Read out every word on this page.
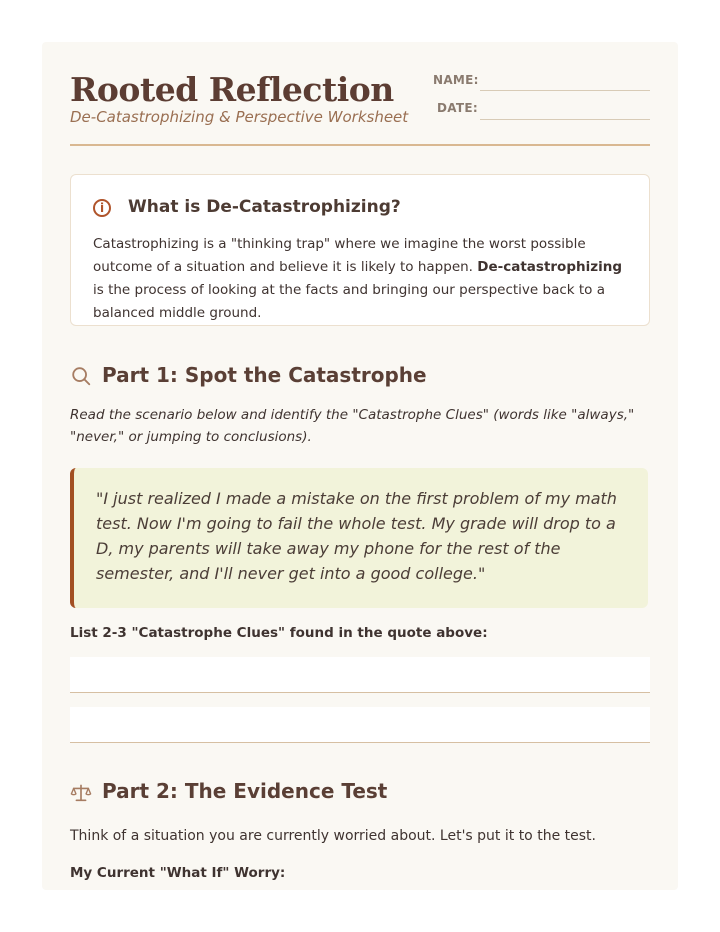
Rooted Reflection
De-Catastrophizing & Perspective Worksheet
NAME:
DATE:
i	What is De-Catastrophizing?
Catastrophizing is a "thinking trap" where we imagine the worst possible outcome of a situation and believe it is likely to happen. De-catastrophizing is the process of looking at the facts and bringing our perspective back to a balanced middle ground.
Part 1: Spot the Catastrophe
Read the scenario below and identify the "Catastrophe Clues" (words like "always," "never," or jumping to conclusions).
"I just realized I made a mistake on the first problem of my math test. Now I'm going to fail the whole test. My grade will drop to a D, my parents will take away my phone for the rest of the semester, and I'll never get into a good college."
List 2-3 "Catastrophe Clues" found in the quote above:
Part 2: The Evidence Test
Think of a situation you are currently worried about. Let's put it to the test.
My Current "What If" Worry:
